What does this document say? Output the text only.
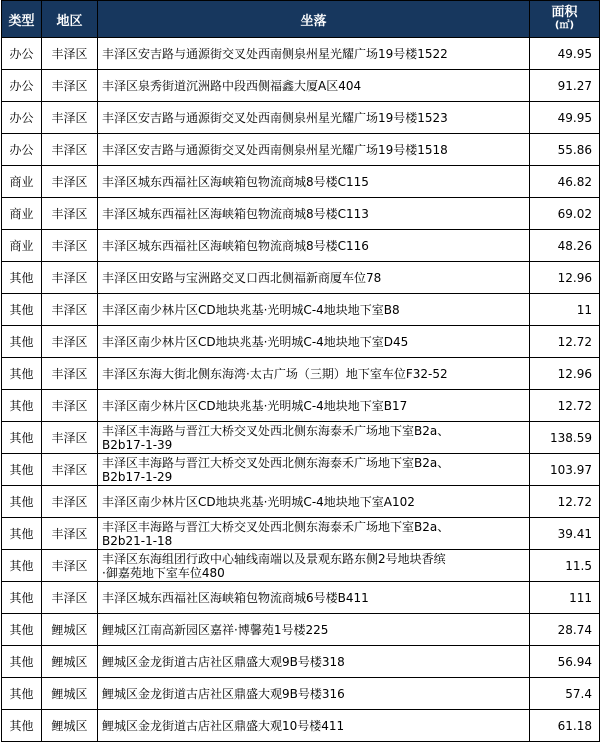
类型	地区	坐落	面积
(㎡)

办公	丰泽区	丰泽区安吉路与通源街交叉处西南侧泉州星光耀广场19号楼1522	49.95
办公	丰泽区	丰泽区泉秀街道沉洲路中段西侧福鑫大厦A区404	91.27
办公	丰泽区	丰泽区安吉路与通源街交叉处西南侧泉州星光耀广场19号楼1523	49.95
办公	丰泽区	丰泽区安吉路与通源街交叉处西南侧泉州星光耀广场19号楼1518	55.86
商业	丰泽区	丰泽区城东西福社区海峡箱包物流商城8号楼C115	46.82
商业	丰泽区	丰泽区城东西福社区海峡箱包物流商城8号楼C113	69.02
商业	丰泽区	丰泽区城东西福社区海峡箱包物流商城8号楼C116	48.26
其他	丰泽区	丰泽区田安路与宝洲路交叉口西北侧福新商厦车位78	12.96
其他	丰泽区	丰泽区南少林片区CD地块兆基·光明城C-4地块地下室B8	11
其他	丰泽区	丰泽区南少林片区CD地块兆基·光明城C-4地块地下室D45	12.72
其他	丰泽区	丰泽区东海大街北侧东海湾·太古广场（三期）地下室车位F32-52	12.96
其他	丰泽区	丰泽区南少林片区CD地块兆基·光明城C-4地块地下室B17	12.72
其他	丰泽区	丰泽区丰海路与晋江大桥交叉处西北侧东海泰禾广场地下室B2a、
B2b17-1-39	138.59
其他	丰泽区	丰泽区丰海路与晋江大桥交叉处西北侧东海泰禾广场地下室B2a、
B2b17-1-29	103.97
其他	丰泽区	丰泽区南少林片区CD地块兆基·光明城C-4地块地下室A102	12.72
其他	丰泽区	丰泽区丰海路与晋江大桥交叉处西北侧东海泰禾广场地下室B2a、
B2b21-1-18	39.41
其他	丰泽区	丰泽区东海组团行政中心轴线南端以及景观东路东侧2号地块香缤
·御嘉苑地下室车位480	11.5
其他	丰泽区	丰泽区城东西福社区海峡箱包物流商城6号楼B411	111
其他	鲤城区	鲤城区江南高新园区嘉祥·博馨苑1号楼225	28.74
其他	鲤城区	鲤城区金龙街道古店社区鼎盛大观9B号楼318	56.94
其他	鲤城区	鲤城区金龙街道古店社区鼎盛大观9B号楼316	57.4
其他	鲤城区	鲤城区金龙街道古店社区鼎盛大观10号楼411	61.18
